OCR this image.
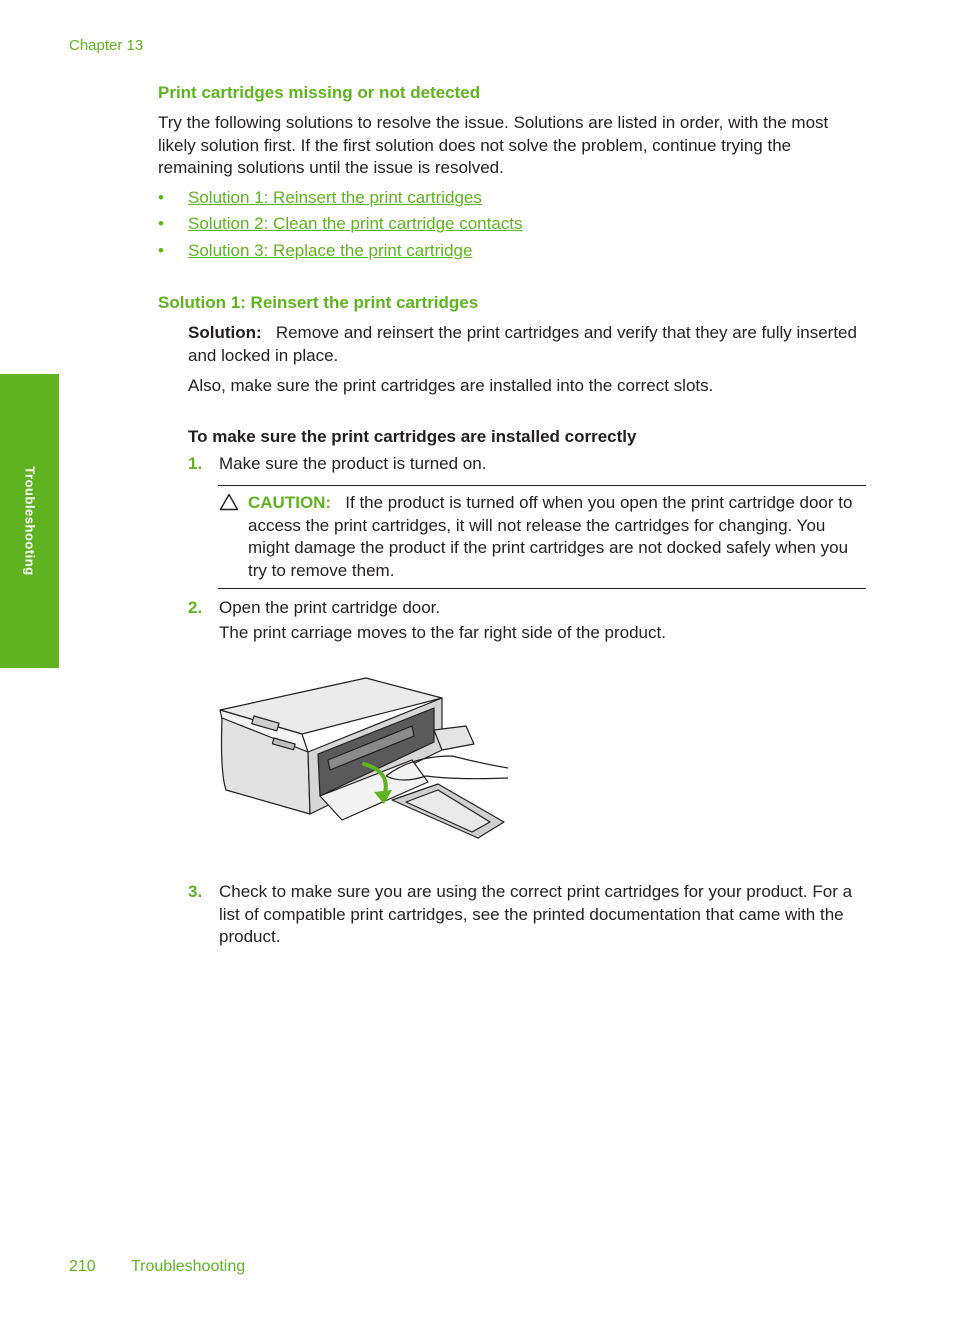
Chapter 13
Troubleshooting
Print cartridges missing or not detected

Try the following solutions to resolve the issue. Solutions are listed in order, with the most likely solution first. If the first solution does not solve the problem, continue trying the remaining solutions until the issue is resolved.

• Solution 1: Reinsert the print cartridges
• Solution 2: Clean the print cartridge contacts
• Solution 3: Replace the print cartridge
Solution 1: Reinsert the print cartridges

Solution: Remove and reinsert the print cartridges and verify that they are fully inserted and locked in place.

Also, make sure the print cartridges are installed into the correct slots.

To make sure the print cartridges are installed correctly

1. Make sure the product is turned on.

CAUTION: If the product is turned off when you open the print cartridge door to access the print cartridges, it will not release the cartridges for changing. You might damage the product if the print cartridges are not docked safely when you try to remove them.

2. Open the print cartridge door.

The print carriage moves to the far right side of the product.

3. Check to make sure you are using the correct print cartridges for your product. For a list of compatible print cartridges, see the printed documentation that came with the product.

210 Troubleshooting
